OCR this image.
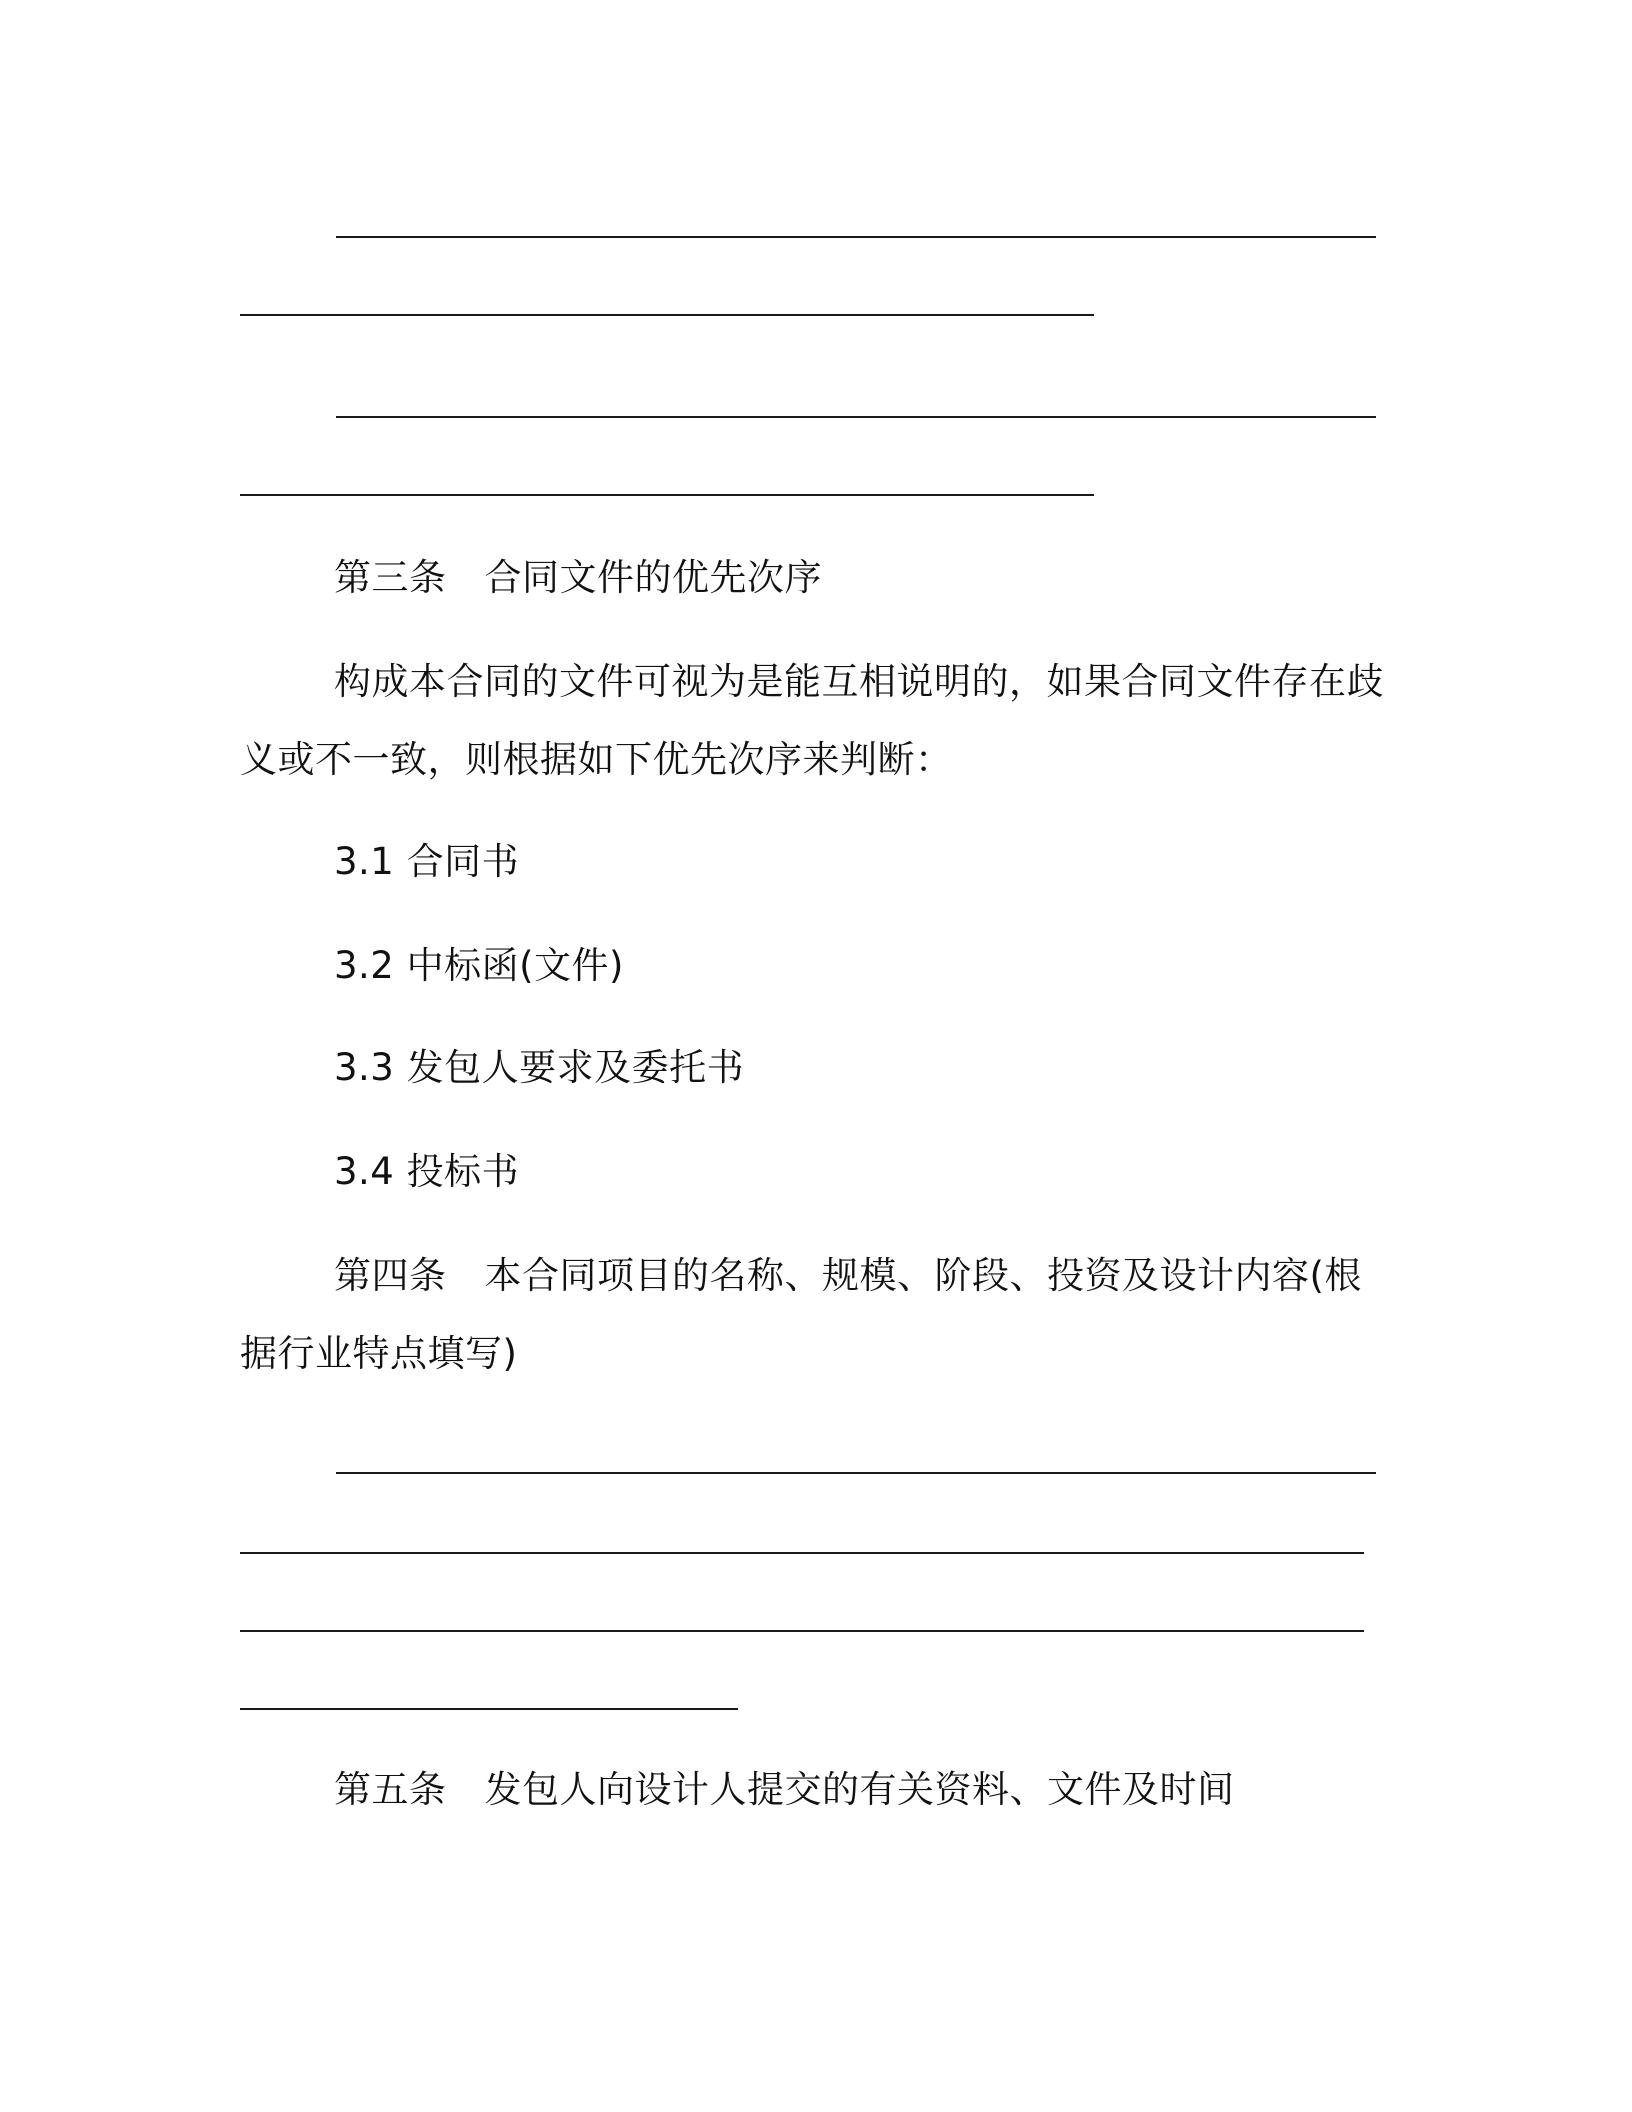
第三条 合同文件的优先次序
构成本合同的文件可视为是能互相说明的，如果合同文件存在歧
义或不一致，则根据如下优先次序来判断：
3.1 合同书
3.2 中标函(文件)
3.3 发包人要求及委托书
3.4 投标书
第四条 本合同项目的名称、规模、阶段、投资及设计内容(根
据行业特点填写)
第五条 发包人向设计人提交的有关资料、文件及时间
